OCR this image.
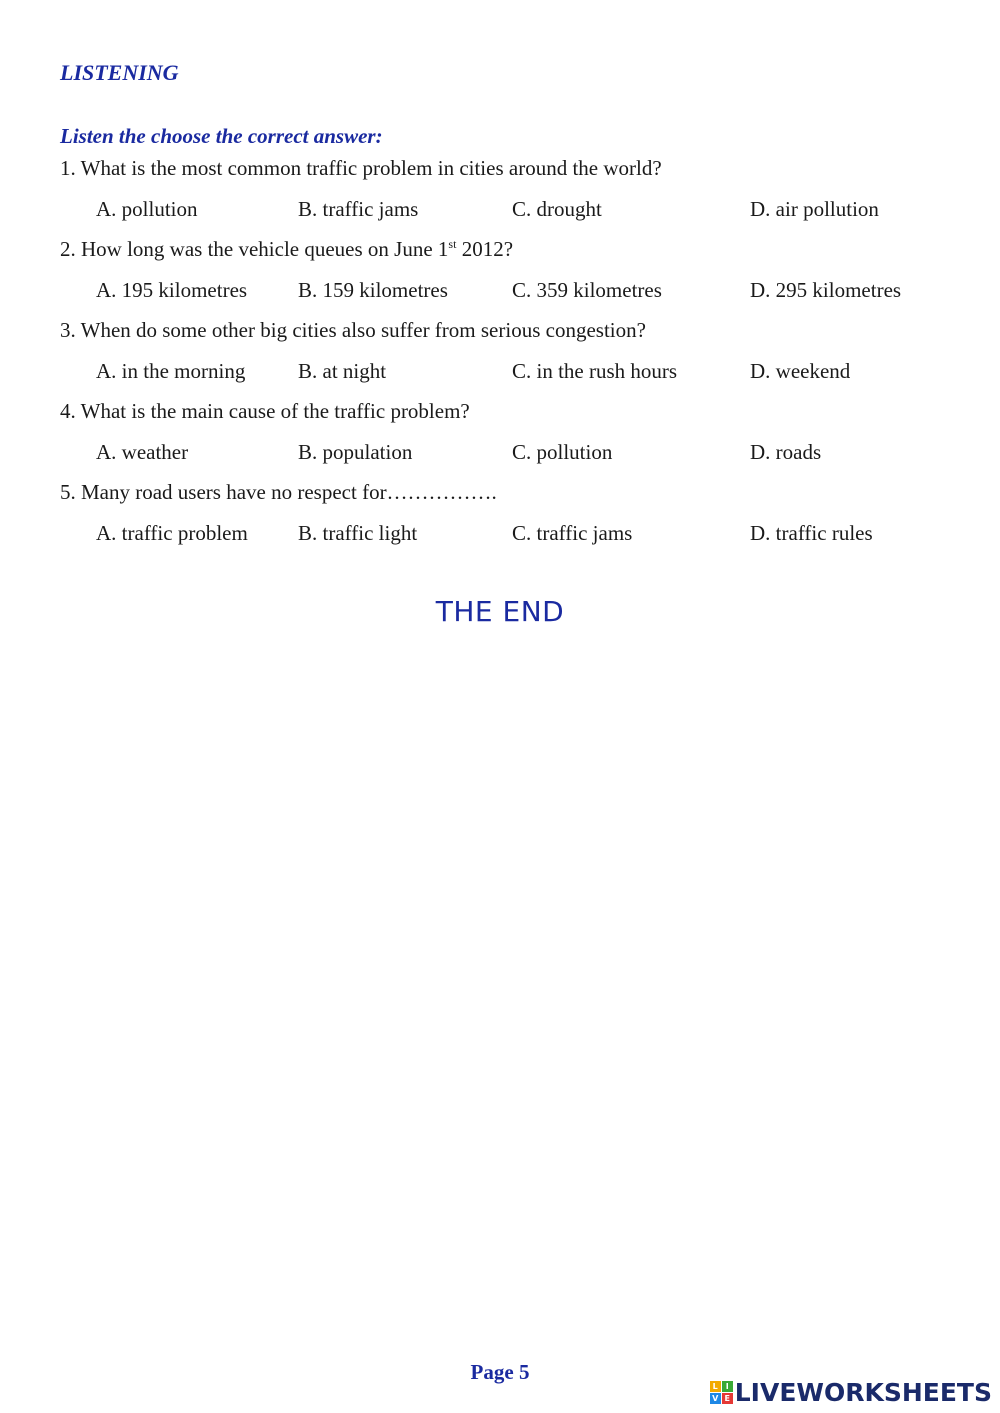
LISTENING
Listen the choose the correct answer:
1. What is the most common traffic problem in cities around the world?
A. pollution	B. traffic jams	C. drought	D. air pollution
2. How long was the vehicle queues on June 1st 2012?
A. 195 kilometres B. 159 kilometres	C. 359 kilometres	D. 295 kilometres
3. When do some other big cities also suffer from serious congestion?
A. in the morning	B. at night	C. in the rush hours	D. weekend
4. What is the main cause of the traffic problem?
A. weather	B. population	C. pollution	D. roads
5. Many road users have no respect for…………….
A. traffic problem B. traffic light	C. traffic jams	D. traffic rules
THE END
Page 5
L I
V E LIVEWORKSHEETS
